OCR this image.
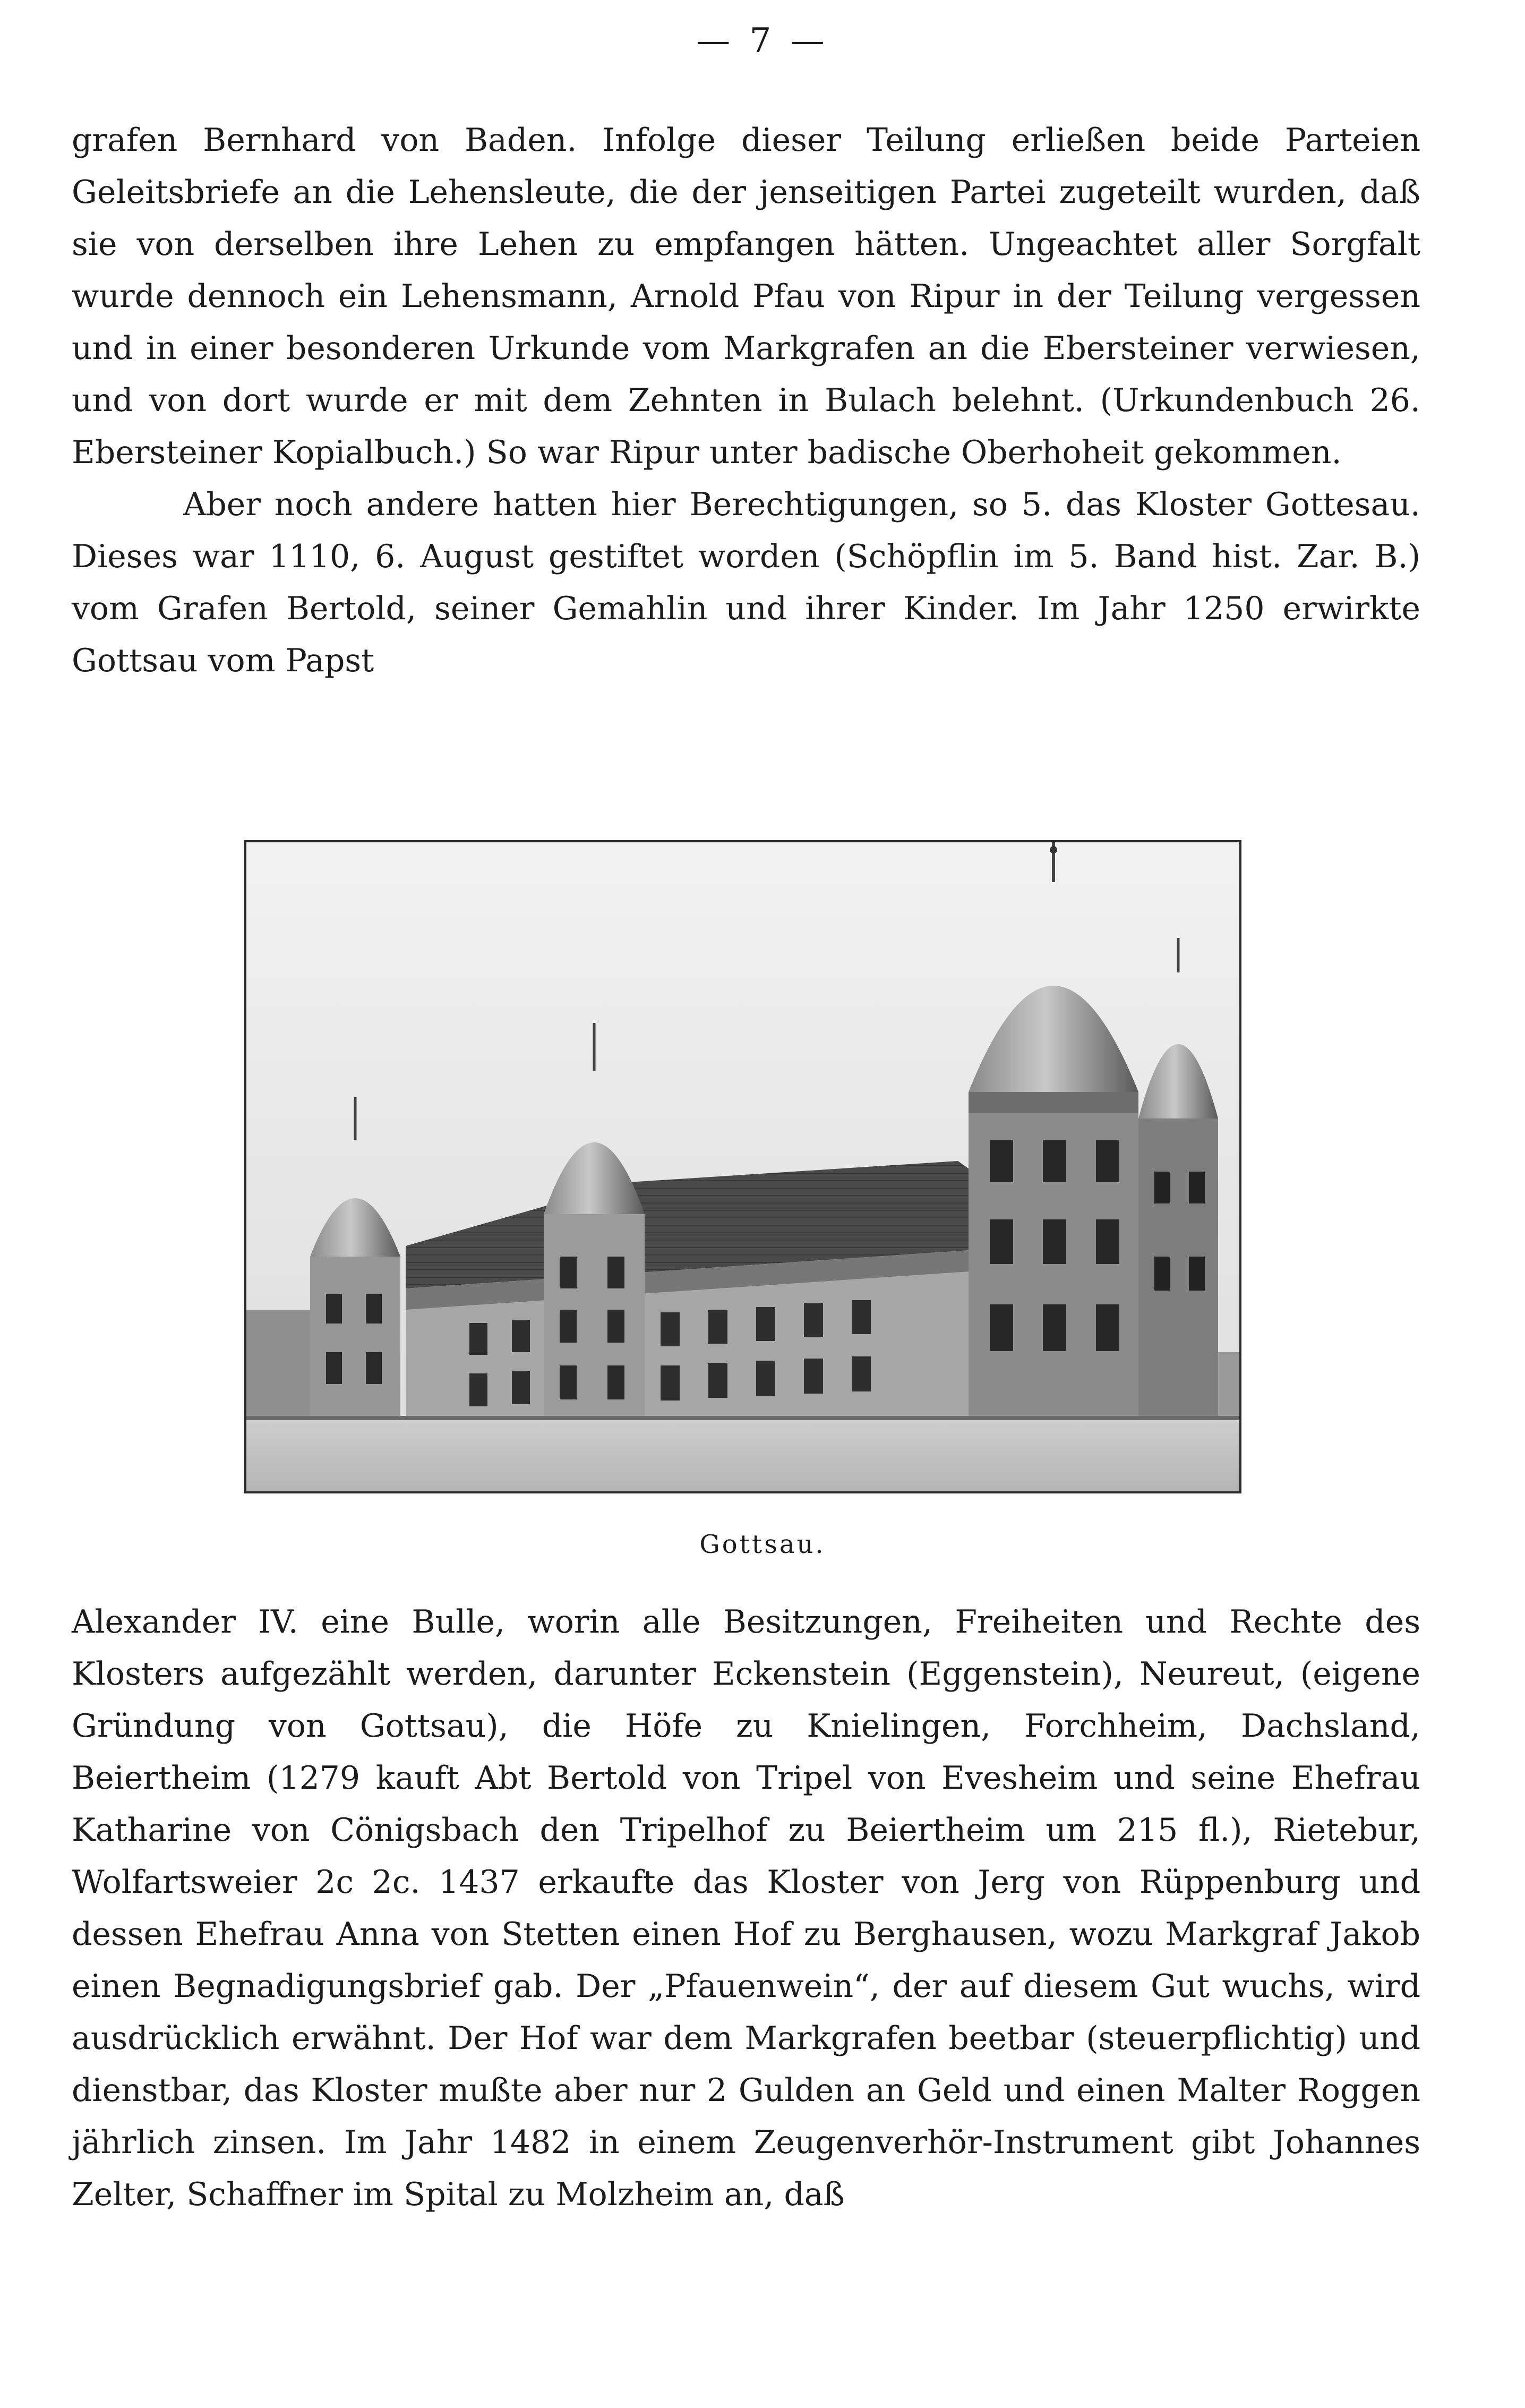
— 7 —

grafen Bernhard von Baden. Infolge dieser Teilung erließen beide Parteien Geleitsbriefe an die Lehensleute, die der jenseitigen Partei zugeteilt wurden, daß sie von derselben ihre Lehen zu empfangen hätten. Ungeachtet aller Sorgfalt wurde dennoch ein Lehensmann, Arnold Pfau von Ripur in der Teilung vergessen und in einer besonderen Urkunde vom Markgrafen an die Ebersteiner verwiesen, und von dort wurde er mit dem Zehnten in Bulach belehnt. (Urkundenbuch 26. Ebersteiner Kopialbuch.) So war Ripur unter badische Oberhoheit gekommen.

Aber noch andere hatten hier Berechtigungen, so 5. das Kloster Gottesau. Dieses war 1110, 6. August gestiftet worden (Schöpflin im 5. Band hist. Zar. B.) vom Grafen Bertold, seiner Gemahlin und ihrer Kinder. Im Jahr 1250 erwirkte Gottsau vom Papst

Gottsau.

Alexander IV. eine Bulle, worin alle Besitzungen, Freiheiten und Rechte des Klosters aufgezählt werden, darunter Eckenstein (Eggenstein), Neureut, (eigene Gründung von Gottsau), die Höfe zu Knielingen, Forchheim, Dachsland, Beiertheim (1279 kauft Abt Bertold von Tripel von Evesheim und seine Ehefrau Katharine von Cönigsbach den Tripelhof zu Beiertheim um 215 fl.), Rietebur, Wolfartsweier 2c 2c. 1437 erkaufte das Kloster von Jerg von Rüppenburg und dessen Ehefrau Anna von Stetten einen Hof zu Berghausen, wozu Markgraf Jakob einen Begnadigungsbrief gab. Der „Pfauenwein“, der auf diesem Gut wuchs, wird ausdrücklich erwähnt. Der Hof war dem Markgrafen beetbar (steuerpflichtig) und dienstbar, das Kloster mußte aber nur 2 Gulden an Geld und einen Malter Roggen jährlich zinsen. Im Jahr 1482 in einem Zeugenverhör-Instrument gibt Johannes Zelter, Schaffner im Spital zu Molzheim an, daß
